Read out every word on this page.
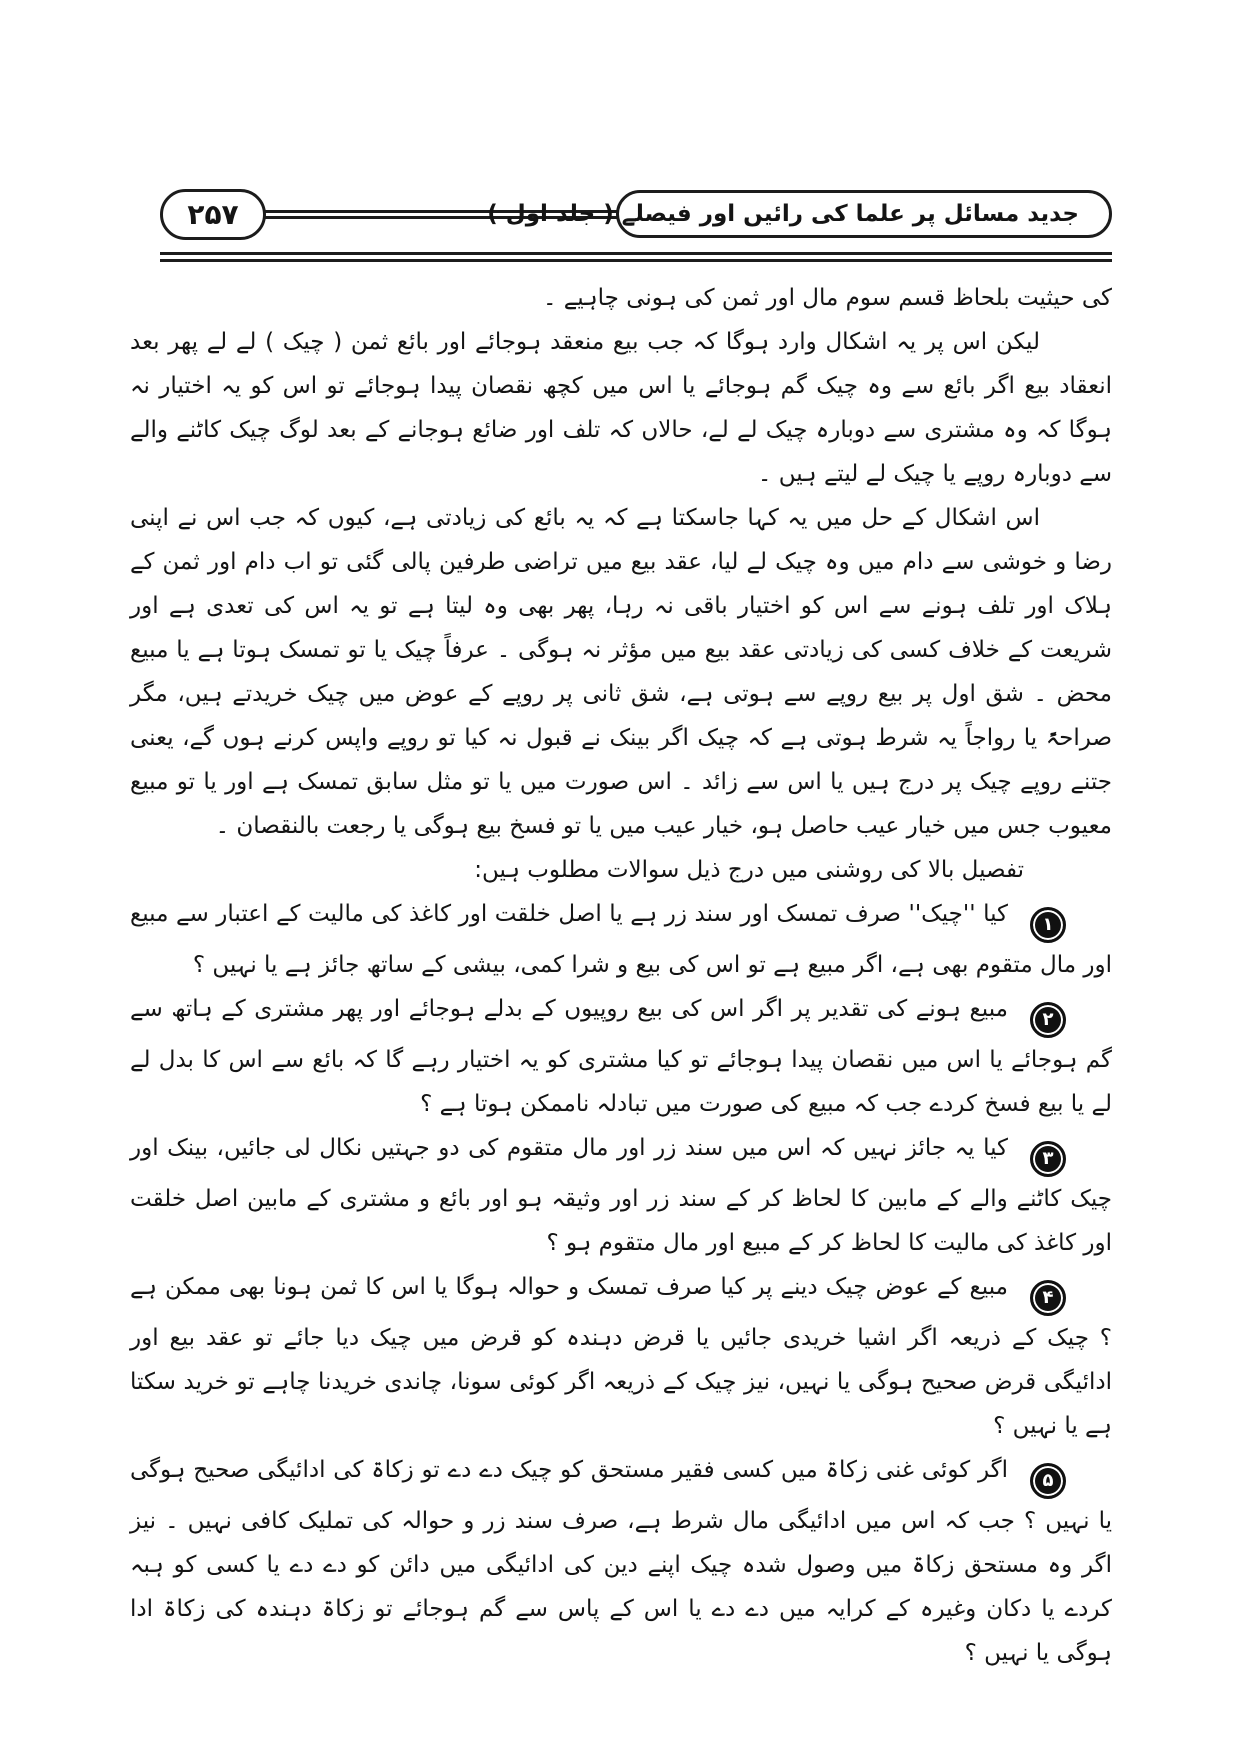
۲۵۷	جدید مسائل پر علما کی رائیں اور فیصلے ( جلد اول )

کی حیثیت بلحاظ قسم سوم مال اور ثمن کی ہونی چاہیے ۔

لیکن اس پر یہ اشکال وارد ہوگا کہ جب بیع منعقد ہوجائے اور بائع ثمن ( چیک ) لے لے پھر بعد انعقاد بیع اگر بائع سے وہ چیک گم ہوجائے یا اس میں کچھ نقصان پیدا ہوجائے تو اس کو یہ اختیار نہ ہوگا کہ وہ مشتری سے دوبارہ چیک لے لے، حالاں کہ تلف اور ضائع ہوجانے کے بعد لوگ چیک کاٹنے والے سے دوبارہ روپے یا چیک لے لیتے ہیں ۔

اس اشکال کے حل میں یہ کہا جاسکتا ہے کہ یہ بائع کی زیادتی ہے، کیوں کہ جب اس نے اپنی رضا و خوشی سے دام میں وہ چیک لے لیا، عقد بیع میں تراضی طرفین پالی گئی تو اب دام اور ثمن کے ہلاک اور تلف ہونے سے اس کو اختیار باقی نہ رہا، پھر بھی وہ لیتا ہے تو یہ اس کی تعدی ہے اور شریعت کے خلاف کسی کی زیادتی عقد بیع میں مؤثر نہ ہوگی ۔ عرفاً چیک یا تو تمسک ہوتا ہے یا مبیع محض ۔ شق اول پر بیع روپے سے ہوتی ہے، شق ثانی پر روپے کے عوض میں چیک خریدتے ہیں، مگر صراحۃً یا رواجاً یہ شرط ہوتی ہے کہ چیک اگر بینک نے قبول نہ کیا تو روپے واپس کرنے ہوں گے، یعنی جتنے روپے چیک پر درج ہیں یا اس سے زائد ۔ اس صورت میں یا تو مثل سابق تمسک ہے اور یا تو مبیع معیوب جس میں خیار عیب حاصل ہو، خیار عیب میں یا تو فسخ بیع ہوگی یا رجعت بالنقصان ۔

تفصیل بالا کی روشنی میں درج ذیل سوالات مطلوب ہیں:

۱کیا ''چیک'' صرف تمسک اور سند زر ہے یا اصل خلقت اور کاغذ کی مالیت کے اعتبار سے مبیع اور مال متقوم بھی ہے، اگر مبیع ہے تو اس کی بیع و شرا کمی، بیشی کے ساتھ جائز ہے یا نہیں ؟

۲مبیع ہونے کی تقدیر پر اگر اس کی بیع روپیوں کے بدلے ہوجائے اور پھر مشتری کے ہاتھ سے گم ہوجائے یا اس میں نقصان پیدا ہوجائے تو کیا مشتری کو یہ اختیار رہے گا کہ بائع سے اس کا بدل لے لے یا بیع فسخ کردے جب کہ مبیع کی صورت میں تبادلہ ناممکن ہوتا ہے ؟

۳کیا یہ جائز نہیں کہ اس میں سند زر اور مال متقوم کی دو جہتیں نکال لی جائیں، بینک اور چیک کاٹنے والے کے مابین کا لحاظ کر کے سند زر اور وثیقہ ہو اور بائع و مشتری کے مابین اصل خلقت اور کاغذ کی مالیت کا لحاظ کر کے مبیع اور مال متقوم ہو ؟

۴مبیع کے عوض چیک دینے پر کیا صرف تمسک و حوالہ ہوگا یا اس کا ثمن ہونا بھی ممکن ہے ؟ چیک کے ذریعہ اگر اشیا خریدی جائیں یا قرض دہندہ کو قرض میں چیک دیا جائے تو عقد بیع اور ادائیگی قرض صحیح ہوگی یا نہیں، نیز چیک کے ذریعہ اگر کوئی سونا، چاندی خریدنا چاہے تو خرید سکتا ہے یا نہیں ؟

۵اگر کوئی غنی زکاۃ میں کسی فقیر مستحق کو چیک دے دے تو زکاۃ کی ادائیگی صحیح ہوگی یا نہیں ؟ جب کہ اس میں ادائیگی مال شرط ہے، صرف سند زر و حوالہ کی تملیک کافی نہیں ۔ نیز اگر وہ مستحق زکاۃ میں وصول شدہ چیک اپنے دین کی ادائیگی میں دائن کو دے دے یا کسی کو ہبہ کردے یا دکان وغیرہ کے کرایہ میں دے دے یا اس کے پاس سے گم ہوجائے تو زکاۃ دہندہ کی زکاۃ ادا ہوگی یا نہیں ؟
